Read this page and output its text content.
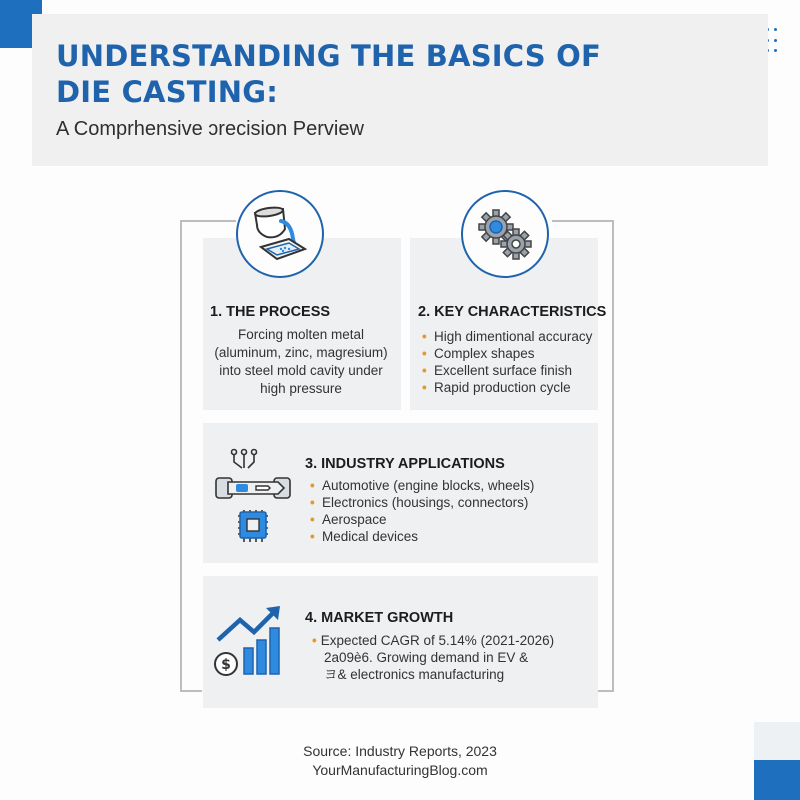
UNDERSTANDING THE BASICS OF
DIE CASTING:
A Comprhensive ɔrecision Perview
1. THE PROCESS
Forcing molten metal
(aluminum, zinc, magresium)
into steel mold cavity under
high pressure
2. KEY CHARACTERISTICS
• High dimentional accuracy
• Complex shapes
• Excellent surface finish
• Rapid production cycle
3. INDUSTRY APPLICATIONS
• Automotive (engine blocks, wheels)
• Electronics (housings, connectors)
• Aerospace
• Medical devices
$
4. MARKET GROWTH
• Expected CAGR of 5.14% (2021-2026)
2a09è6. Growing demand in EV &
ヨ& electronics manufacturing
Source: Industry Reports, 2023
YourManufacturingBlog.com
